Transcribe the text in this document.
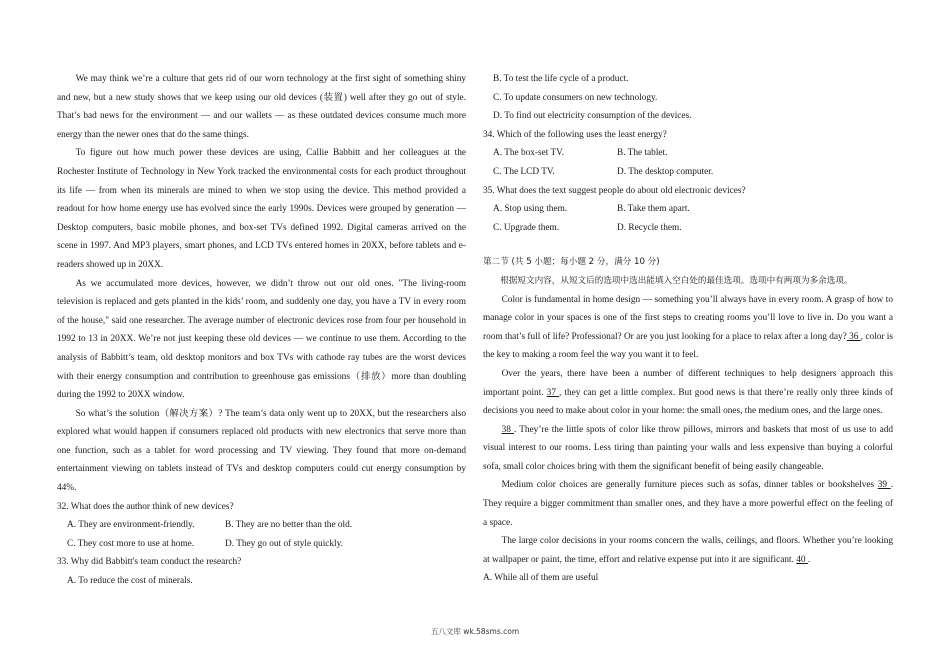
We may think we’re a culture that gets rid of our worn technology at the first sight of something shiny and new, but a new study shows that we keep using our old devices (装置) well after they go out of style. That’s bad news for the environment — and our wallets — as these outdated devices consume much more energy than the newer ones that do the same things.

To figure out how much power these devices are using, Callie Babbitt and her colleagues at the Rochester Institute of Technology in New York tracked the environmental costs for each product throughout its life — from when its minerals are mined to when we stop using the device. This method provided a readout for how home energy use has evolved since the early 1990s. Devices were grouped by generation — Desktop computers, basic mobile phones, and box-set TVs defined 1992. Digital cameras arrived on the scene in 1997. And MP3 players, smart phones, and LCD TVs entered homes in 20XX, before tablets and e-readers showed up in 20XX.

As we accumulated more devices, however, we didn’t throw out our old ones. "The living-room television is replaced and gets planted in the kids’ room, and suddenly one day, you have a TV in every room of the house," said one researcher. The average number of electronic devices rose from four per household in 1992 to 13 in 20XX. We’re not just keeping these old devices — we continue to use them. According to the analysis of Babbitt’s team, old desktop monitors and box TVs with cathode ray tubes are the worst devices with their energy consumption and contribution to greenhouse gas emissions（排放）more than doubling during the 1992 to 20XX window.

So what’s the solution（解决方案）? The team’s data only went up to 20XX, but the researchers also explored what would happen if consumers replaced old products with new electronics that serve more than one function, such as a tablet for word processing and TV viewing. They found that more on-demand entertainment viewing on tablets instead of TVs and desktop computers could cut energy consumption by 44%.

32. What does the author think of new devices?
A. They are environment-friendly.	B. They are no better than the old.
C. They cost more to use at home.	D. They go out of style quickly.
33. Why did Babbitt's team conduct the research?
A. To reduce the cost of minerals.
B. To test the life cycle of a product.
C. To update consumers on new technology.
D. To find out electricity consumption of the devices.
34. Which of the following uses the least energy?
A. The box-set TV.	B. The tablet.
C. The LCD TV.	D. The desktop computer.
35. What does the text suggest people do about old electronic devices?
A. Stop using them.	B. Take them apart.
C. Upgrade them.	D. Recycle them.
第二节 (共 5 小题；每小题 2 分，满分 10 分)

根据短文内容，从短文后的选项中选出能填入空白处的最佳选项。选项中有两项为多余选项。

Color is fundamental in home design — something you’ll always have in every room. A grasp of how to manage color in your spaces is one of the first steps to creating rooms you’ll love to live in. Do you want a room that’s full of life? Professional? Or are you just looking for a place to relax after a long day? 36 , color is the key to making a room feel the way you want it to feel.

Over the years, there have been a number of different techniques to help designers approach this important point. 37 , they can get a little complex. But good news is that there’re really only three kinds of decisions you need to make about color in your home: the small ones, the medium ones, and the large ones.

38 . They’re the little spots of color like throw pillows, mirrors and baskets that most of us use to add visual interest to our rooms. Less tiring than painting your walls and less expensive than buying a colorful sofa, small color choices bring with them the significant benefit of being easily changeable.

Medium color choices are generally furniture pieces such as sofas, dinner tables or bookshelves 39 . They require a bigger commitment than smaller ones, and they have a more powerful effect on the feeling of a space.

The large color decisions in your rooms concern the walls, ceilings, and floors. Whether you’re looking at wallpaper or paint, the time, effort and relative expense put into it are significant. 40 .

A. While all of them are useful
五八文库 wk.58sms.com
